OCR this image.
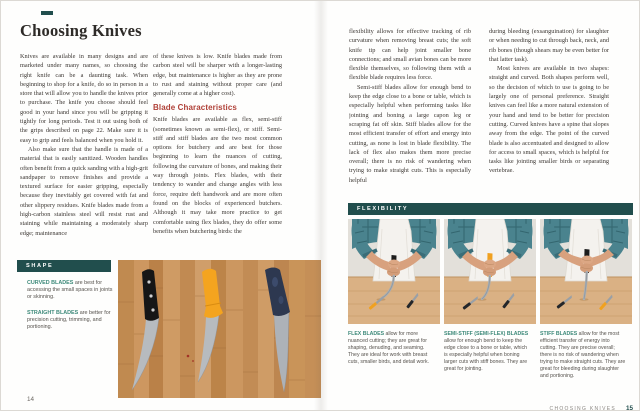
Choosing Knives

Knives are available in many designs and are marketed under many names, so choosing the right knife can be a daunting task. When beginning to shop for a knife, do so in person in a store that will allow you to handle the knives prior to purchase. The knife you choose should feel good in your hand since you will be gripping it tightly for long periods. Test it out using both of the grips described on page 22. Make sure it is easy to grip and feels balanced when you hold it.

Also make sure that the handle is made of a material that is easily sanitized. Wooden handles often benefit from a quick sanding with a high-grit sandpaper to remove finishes and provide a textured surface for easier gripping, especially because they inevitably get covered with fat and other slippery residues. Knife blades made from a high-carbon stainless steel will resist rust and staining while maintaining a moderately sharp edge; maintenance

of these knives is low. Knife blades made from carbon steel will be sharper with a longer-lasting edge, but maintenance is higher as they are prone to rust and staining without proper care (and generally come at a higher cost).

Blade Characteristics

Knife blades are available as flex, semi-stiff (sometimes known as semi-flex), or stiff. Semi-stiff and stiff blades are the two most common options for butchery and are best for those beginning to learn the nuances of cutting, following the curvature of bones, and making their way through joints. Flex blades, with their tendency to wander and change angles with less force, require deft handwork and are more often found on the blocks of experienced butchers. Although it may take more practice to get comfortable using flex blades, they do offer some benefits when butchering birds: the

SHAPE

CURVED BLADES are best for accessing the small spaces in joints or skinning.

STRAIGHT BLADES are better for precision cutting, trimming, and portioning.

14

flexibility allows for effective tracking of rib curvature when removing breast cuts; the soft knife tip can help joint smaller bone connections; and small avian bones can be more flexible themselves, so following them with a flexible blade requires less force.

Semi-stiff blades allow for enough bend to keep the edge close to a bone or table, which is especially helpful when performing tasks like jointing and boning a large capon leg or scraping fat off skin. Stiff blades allow for the most efficient transfer of effort and energy into cutting, as none is lost in blade flexibility. The lack of flex also makes them more precise overall; there is no risk of wandering when trying to make straight cuts. This is especially helpful

during bleeding (exsanguination) for slaughter or when needing to cut through back, neck, and rib bones (though shears may be even better for that latter task).

Most knives are available in two shapes: straight and curved. Both shapes perform well, so the decision of which to use is going to be largely one of personal preference. Straight knives can feel like a more natural extension of your hand and tend to be better for precision cutting. Curved knives have a spine that slopes away from the edge. The point of the curved blade is also accentuated and designed to allow for access to small spaces, which is helpful for tasks like jointing smaller birds or separating vertebrae.

FLEXIBILITY
FLEX BLADES allow for more nuanced cutting; they are great for shaping, denuding, and seaming. They are ideal for work with breast cuts, smaller birds, and detail work.
SEMI-STIFF (SEMI-FLEX) BLADES allow for enough bend to keep the edge close to a bone or table, which is especially helpful when boning larger cuts with stiff bones. They are great for jointing.
STIFF BLADES allow for the most efficient transfer of energy into cutting. They are precise overall; there is no risk of wandering when trying to make straight cuts. They are great for bleeding during slaughter and portioning.
CHOOSING KNIVES 15
